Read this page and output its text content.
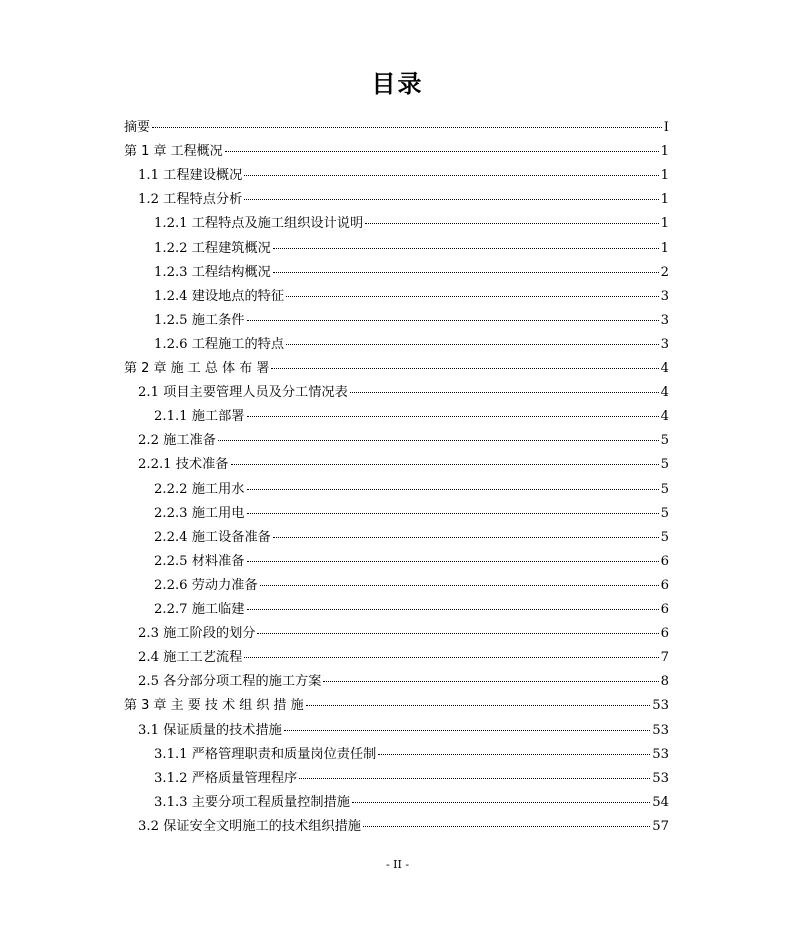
目录
摘要	I
第 1 章 工程概况	1
1.1 工程建设概况	1
1.2 工程特点分析	1
1.2.1 工程特点及施工组织设计说明	1
1.2.2 工程建筑概况	1
1.2.3 工程结构概况	2
1.2.4 建设地点的特征	3
1.2.5 施工条件	3
1.2.6 工程施工的特点	3
第 2 章 施 工 总 体 布 署	4
2.1 项目主要管理人员及分工情况表	4
2.1.1 施工部署	4
2.2 施工准备	5
2.2.1 技术准备	5
2.2.2 施工用水	5
2.2.3 施工用电	5
2.2.4 施工设备准备	5
2.2.5 材料准备	6
2.2.6 劳动力准备	6
2.2.7 施工临建	6
2.3 施工阶段的划分	6
2.4 施工工艺流程	7
2.5 各分部分项工程的施工方案	8
第 3 章 主 要 技 术 组 织 措 施	53
3.1 保证质量的技术措施	53
3.1.1 严格管理职责和质量岗位责任制	53
3.1.2 严格质量管理程序	53
3.1.3 主要分项工程质量控制措施	54
3.2 保证安全文明施工的技术组织措施	57
- II -
